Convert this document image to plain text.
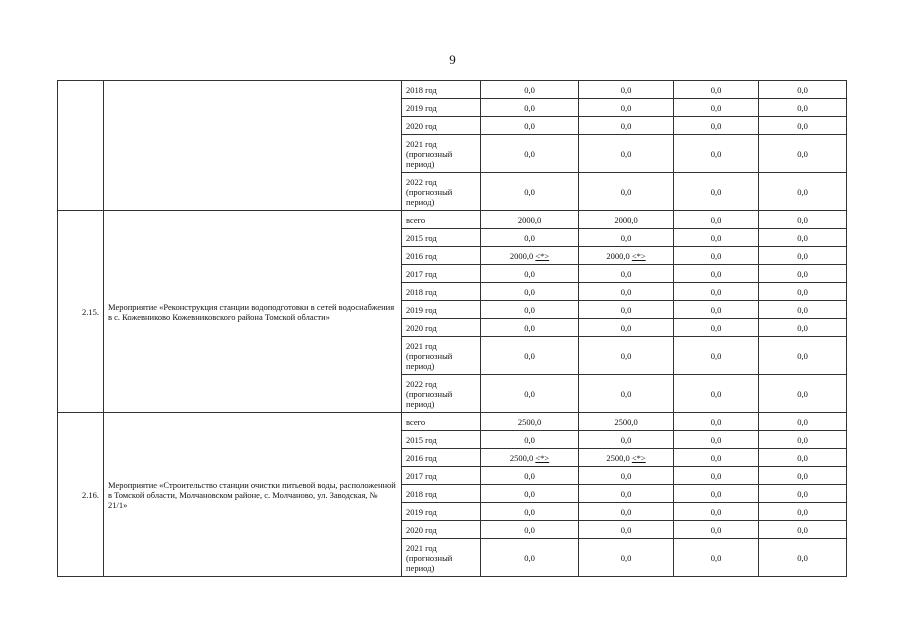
9
		2018 год	0,0	0,0	0,0	0,0
		2019 год	0,0	0,0	0,0	0,0
		2020 год	0,0	0,0	0,0	0,0
		2021 год (прогнозный период)	0,0	0,0	0,0	0,0
		2022 год (прогнозный период)	0,0	0,0	0,0	0,0
2.15.	Мероприятие «Реконструкция станции водоподготовки в сетей водоснабжения в с. Кожевниково Кожевниковского района Томской области»	всего	2000,0	2000,0	0,0	0,0
		2015 год	0,0	0,0	0,0	0,0
		2016 год	2000,0 <*>	2000,0 <*>	0,0	0,0
		2017 год	0,0	0,0	0,0	0,0
		2018 год	0,0	0,0	0,0	0,0
		2019 год	0,0	0,0	0,0	0,0
		2020 год	0,0	0,0	0,0	0,0
		2021 год (прогнозный период)	0,0	0,0	0,0	0,0
		2022 год (прогнозный период)	0,0	0,0	0,0	0,0
2.16.	Мероприятие «Строительство станции очистки питьевой воды, расположенной в Томской области, Молчановском районе, с. Молчаново, ул. Заводская, № 21/1»	всего	2500,0	2500,0	0,0	0,0
		2015 год	0,0	0,0	0,0	0,0
		2016 год	2500,0 <*>	2500,0 <*>	0,0	0,0
		2017 год	0,0	0,0	0,0	0,0
		2018 год	0,0	0,0	0,0	0,0
		2019 год	0,0	0,0	0,0	0,0
		2020 год	0,0	0,0	0,0	0,0
		2021 год (прогнозный период)	0,0	0,0	0,0	0,0
